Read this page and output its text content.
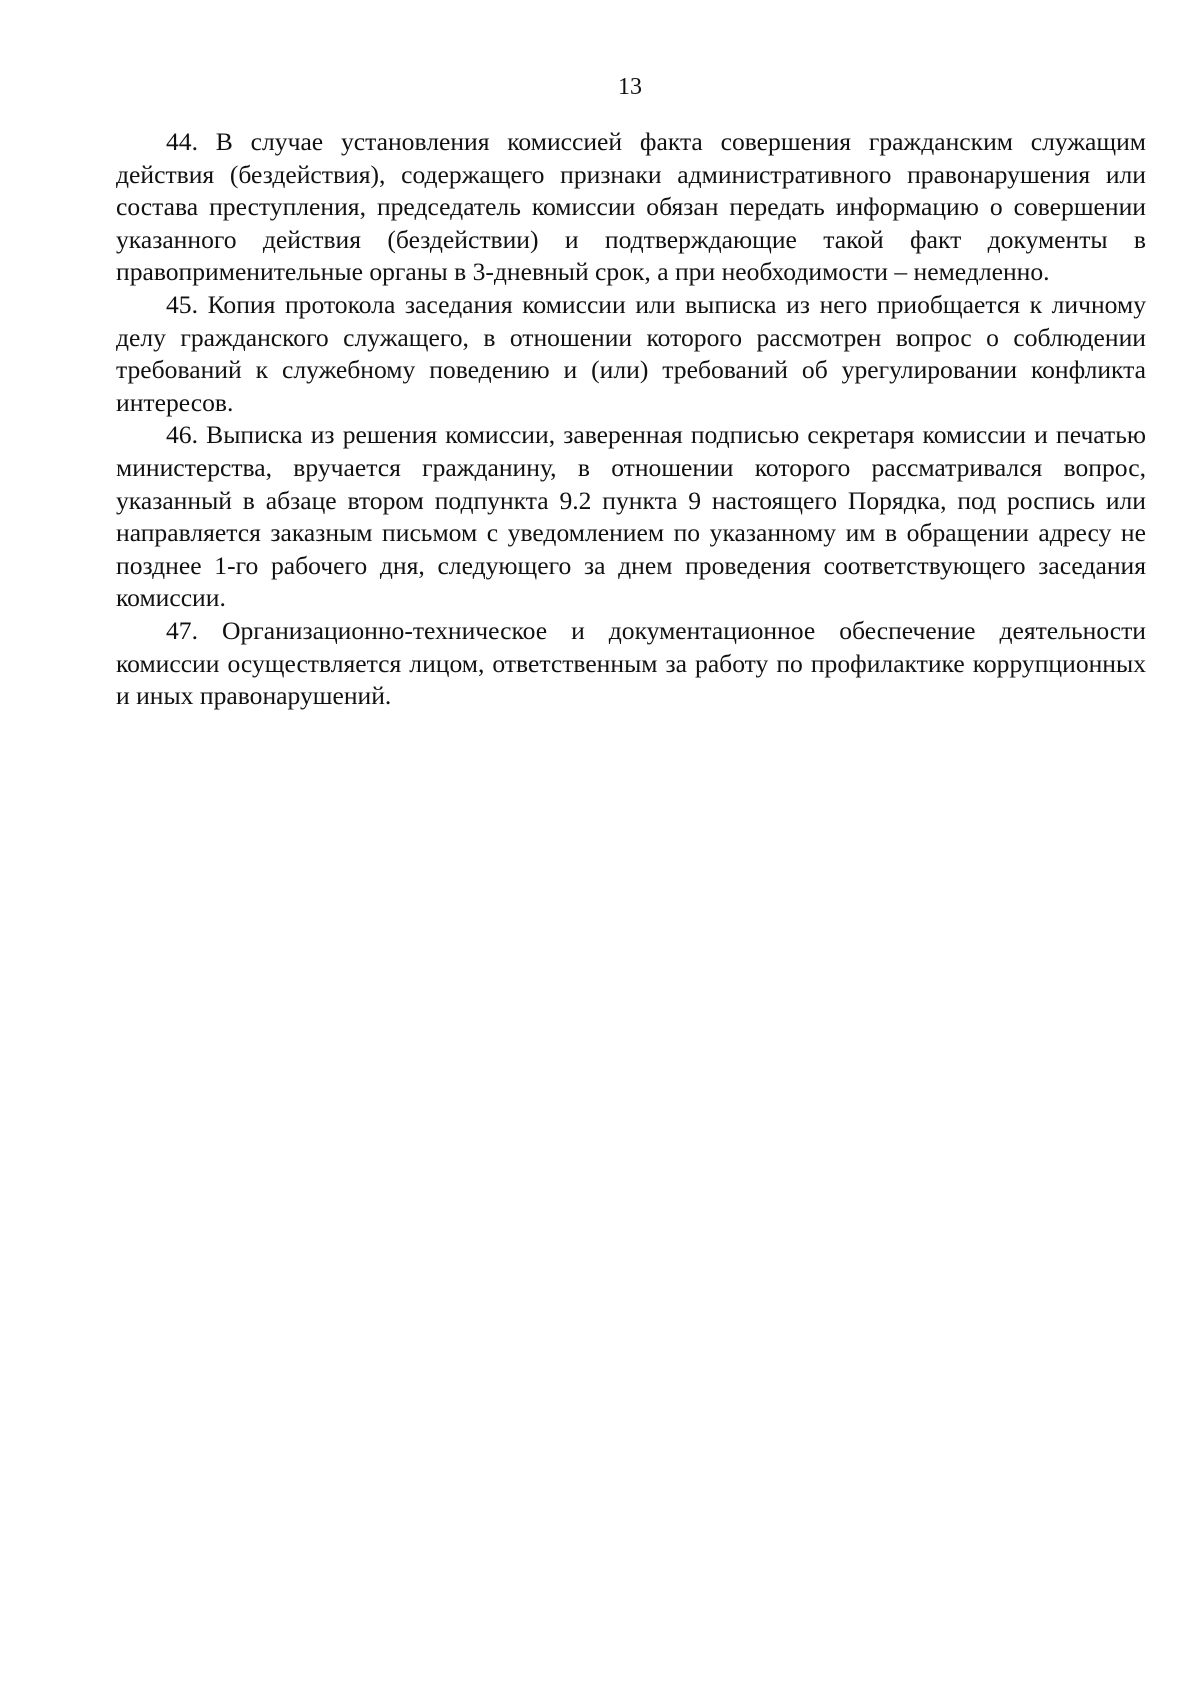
13

44. В случае установления комиссией факта совершения гражданским служащим действия (бездействия), содержащего признаки административного правонарушения или состава преступления, председатель комиссии обязан передать информацию о совершении указанного действия (бездействии) и подтверждающие такой факт документы в правоприменительные органы в 3-дневный срок, а при необходимости – немедленно.

45. Копия протокола заседания комиссии или выписка из него приобщается к личному делу гражданского служащего, в отношении которого рассмотрен вопрос о соблюдении требований к служебному поведению и (или) требований об урегулировании конфликта интересов.

46. Выписка из решения комиссии, заверенная подписью секретаря комиссии и печатью министерства, вручается гражданину, в отношении которого рассматривался вопрос, указанный в абзаце втором подпункта 9.2 пункта 9 настоящего Порядка, под роспись или направляется заказным письмом с уведомлением по указанному им в обращении адресу не позднее 1-го рабочего дня, следующего за днем проведения соответствующего заседания комиссии.

47. Организационно-техническое и документационное обеспечение деятельности комиссии осуществляется лицом, ответственным за работу по профилактике коррупционных и иных правонарушений.
